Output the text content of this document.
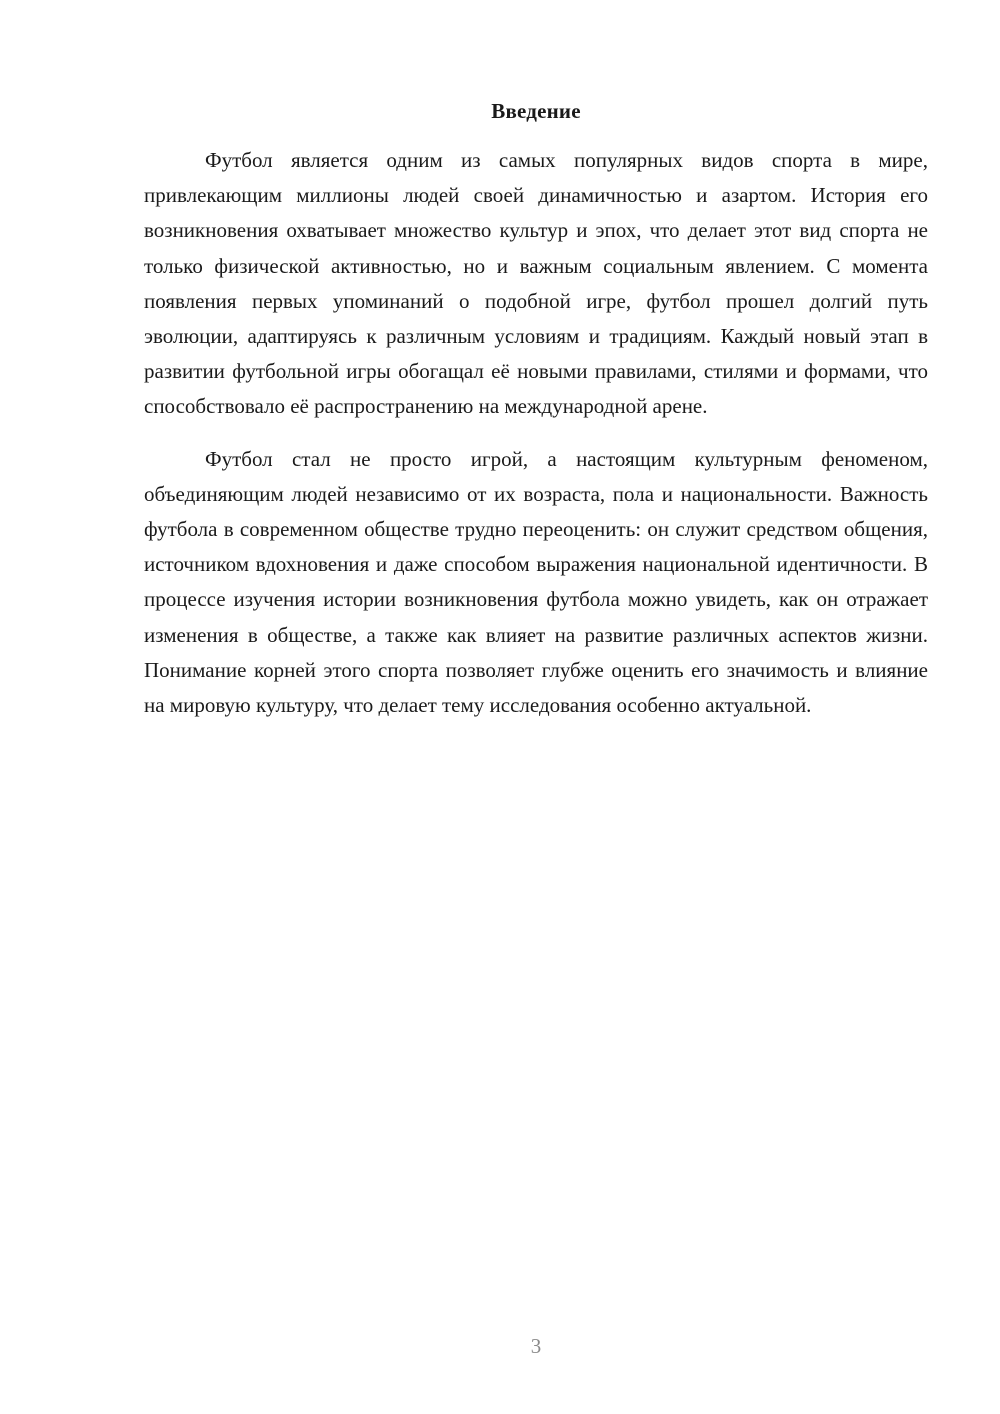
Введение

Футбол является одним из самых популярных видов спорта в мире, привлекающим миллионы людей своей динамичностью и азартом. История его возникновения охватывает множество культур и эпох, что делает этот вид спорта не только физической активностью, но и важным социальным явлением. С момента появления первых упоминаний о подобной игре, футбол прошел долгий путь эволюции, адаптируясь к различным условиям и традициям. Каждый новый этап в развитии футбольной игры обогащал её новыми правилами, стилями и формами, что способствовало её распространению на международной арене.

Футбол стал не просто игрой, а настоящим культурным феноменом, объединяющим людей независимо от их возраста, пола и национальности. Важность футбола в современном обществе трудно переоценить: он служит средством общения, источником вдохновения и даже способом выражения национальной идентичности. В процессе изучения истории возникновения футбола можно увидеть, как он отражает изменения в обществе, а также как влияет на развитие различных аспектов жизни. Понимание корней этого спорта позволяет глубже оценить его значимость и влияние на мировую культуру, что делает тему исследования особенно актуальной.

3
